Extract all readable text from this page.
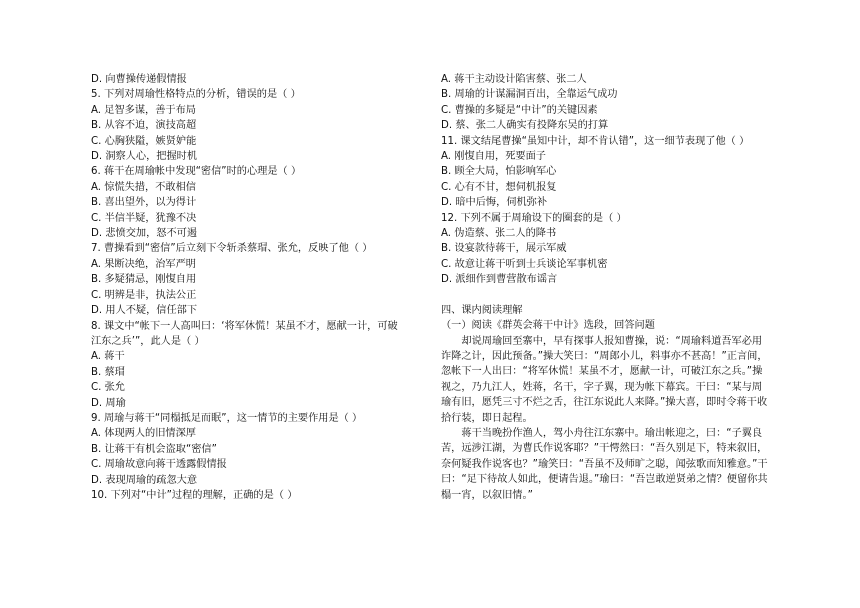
D. 向曹操传递假情报
5. 下列对周瑜性格特点的分析，错误的是（ ）
A. 足智多谋，善于布局
B. 从容不迫，演技高超
C. 心胸狭隘，嫉贤妒能
D. 洞察人心，把握时机
6. 蒋干在周瑜帐中发现“密信”时的心理是（ ）
A. 惊慌失措，不敢相信
B. 喜出望外，以为得计
C. 半信半疑，犹豫不决
D. 悲愤交加，怒不可遏
7. 曹操看到“密信”后立刻下令斩杀蔡瑁、张允，反映了他（ ）
A. 果断决绝，治军严明
B. 多疑猜忌，刚愎自用
C. 明辨是非，执法公正
D. 用人不疑，信任部下
8. 课文中“帐下一人高叫曰：‘将军休慌！某虽不才，愿献一计，可破
江东之兵’”，此人是（ ）
A. 蒋干
B. 蔡瑁
C. 张允
D. 周瑜
9. 周瑜与蒋干“同榻抵足而眠”，这一情节的主要作用是（ ）
A. 体现两人的旧情深厚
B. 让蒋干有机会盗取“密信”
C. 周瑜故意向蒋干透露假情报
D. 表现周瑜的疏忽大意
10. 下列对“中计”过程的理解，正确的是（ ）
A. 蒋干主动设计陷害蔡、张二人
B. 周瑜的计谋漏洞百出，全靠运气成功
C. 曹操的多疑是“中计”的关键因素
D. 蔡、张二人确实有投降东吴的打算
11. 课文结尾曹操“虽知中计，却不肯认错”，这一细节表现了他（ ）
A. 刚愎自用，死要面子
B. 顾全大局，怕影响军心
C. 心有不甘，想伺机报复
D. 暗中后悔，伺机弥补
12. 下列不属于周瑜设下的圈套的是（ ）
A. 伪造蔡、张二人的降书
B. 设宴款待蒋干，展示军威
C. 故意让蒋干听到士兵谈论军事机密
D. 派细作到曹营散布谣言
四、课内阅读理解
（一）阅读《群英会蒋干中计》选段，回答问题
却说周瑜回至寨中，早有探事人报知曹操，说：“周瑜料道吾军必用诈降之计，因此预备。”操大笑曰：“周郎小儿，料事亦不甚高！”正言间，忽帐下一人出曰：“将军休慌！某虽不才，愿献一计，可破江东之兵。”操视之，乃九江人，姓蒋，名干，字子翼，现为帐下幕宾。干曰：“某与周瑜有旧，愿凭三寸不烂之舌，往江东说此人来降。”操大喜，即时令蒋干收拾行装，即日起程。
蒋干当晚扮作渔人，驾小舟往江东寨中。瑜出帐迎之，曰：“子翼良苦，远涉江湖，为曹氏作说客耶？”干愕然曰：“吾久别足下，特来叙旧，奈何疑我作说客也？”瑜笑曰：“吾虽不及师旷之聪，闻弦歌而知雅意。”干曰：“足下待故人如此，便请告退。”瑜曰：“吾岂敢逆贤弟之情？便留你共榻一宵，以叙旧情。”
